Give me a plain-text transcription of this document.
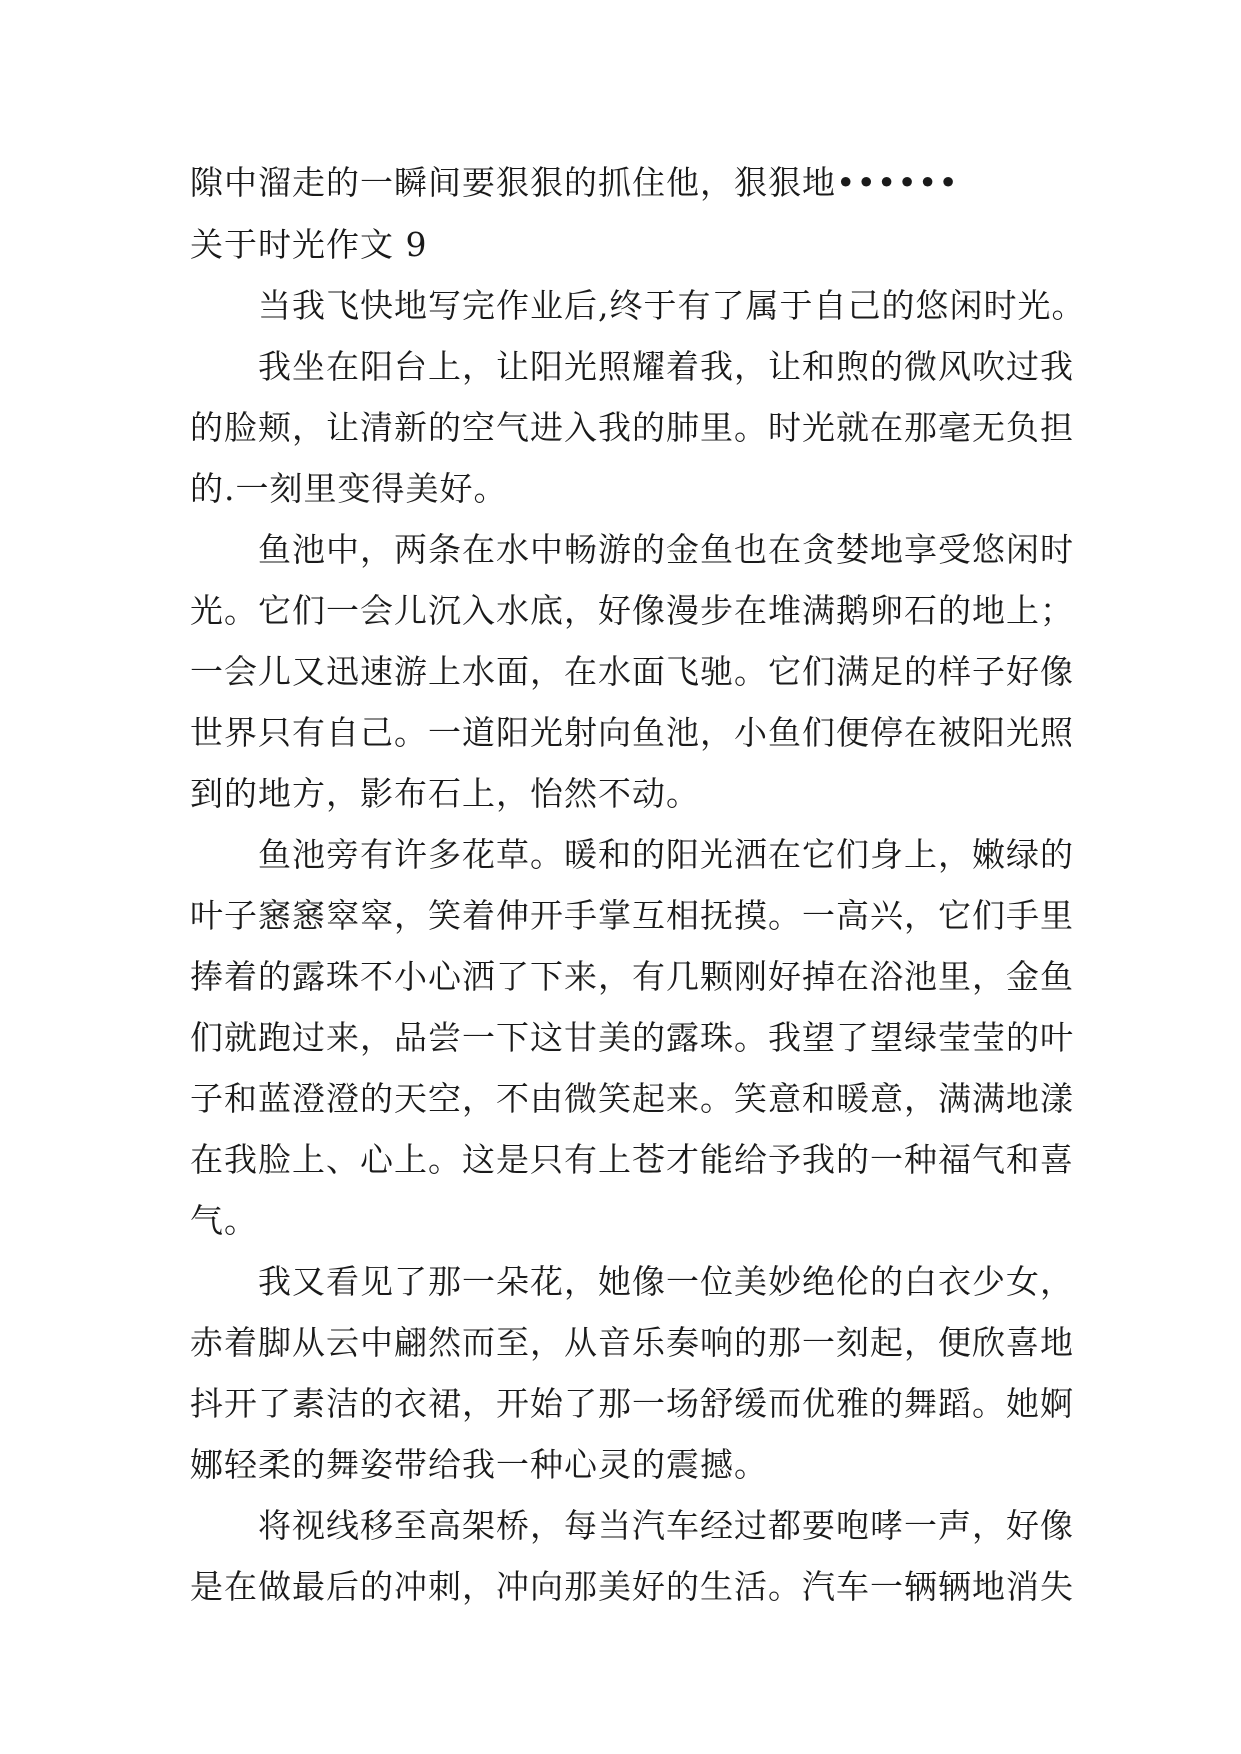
隙中溜走的一瞬间要狠狠的抓住他，狠狠地••••••
关于时光作文 9
当我飞快地写完作业后,终于有了属于自己的悠闲时光。
我坐在阳台上，让阳光照耀着我，让和煦的微风吹过我
的脸颊，让清新的空气进入我的肺里。时光就在那毫无负担
的.一刻里变得美好。
鱼池中，两条在水中畅游的金鱼也在贪婪地享受悠闲时
光。它们一会儿沉入水底，好像漫步在堆满鹅卵石的地上；
一会儿又迅速游上水面，在水面飞驰。它们满足的样子好像
世界只有自己。一道阳光射向鱼池，小鱼们便停在被阳光照
到的地方，影布石上，怡然不动。
鱼池旁有许多花草。暖和的阳光洒在它们身上，嫩绿的
叶子窸窸窣窣，笑着伸开手掌互相抚摸。一高兴，它们手里
捧着的露珠不小心洒了下来，有几颗刚好掉在浴池里，金鱼
们就跑过来，品尝一下这甘美的露珠。我望了望绿莹莹的叶
子和蓝澄澄的天空，不由微笑起来。笑意和暖意，满满地漾
在我脸上、心上。这是只有上苍才能给予我的一种福气和喜
气。
我又看见了那一朵花，她像一位美妙绝伦的白衣少女，
赤着脚从云中翩然而至，从音乐奏响的那一刻起，便欣喜地
抖开了素洁的衣裙，开始了那一场舒缓而优雅的舞蹈。她婀
娜轻柔的舞姿带给我一种心灵的震撼。
将视线移至高架桥，每当汽车经过都要咆哮一声，好像
是在做最后的冲刺，冲向那美好的生活。汽车一辆辆地消失
